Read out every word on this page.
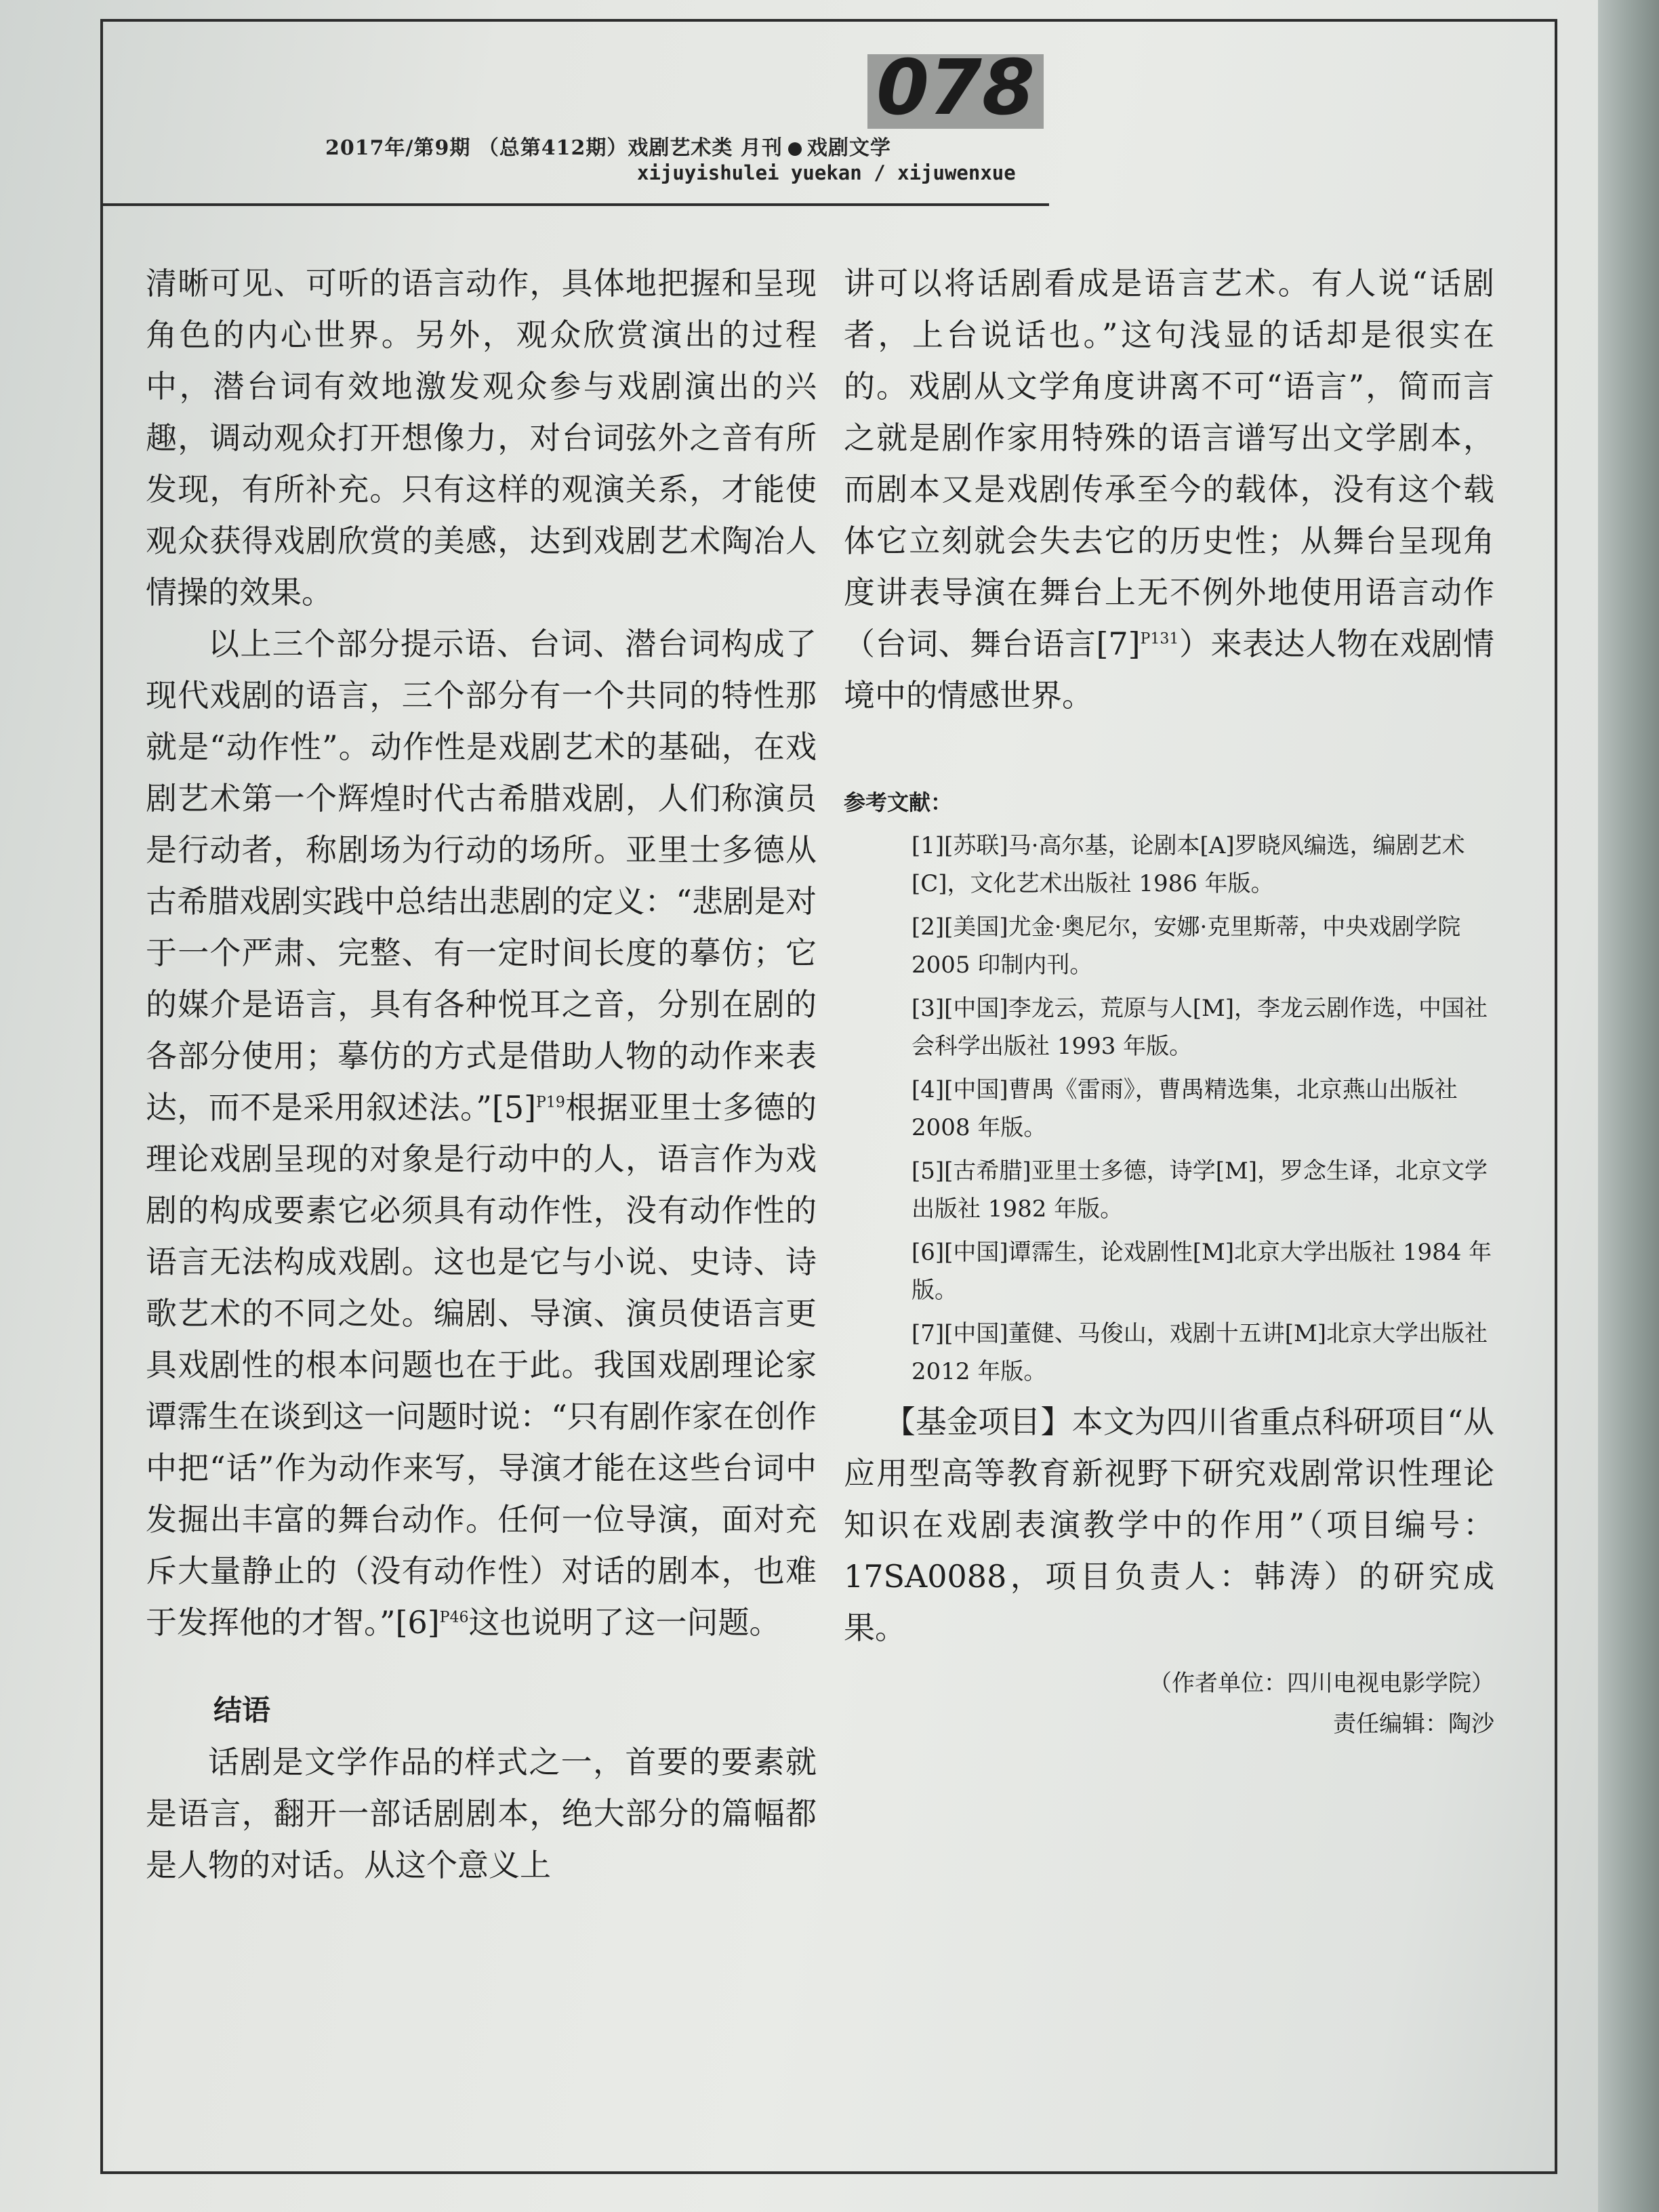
078
2017年/第9期 （总第412期）戏剧艺术类 月刊 戏剧文学
xijuyishulei yuekan / xijuwenxue

清晰可见、可听的语言动作，具体地把握和呈现角色的内心世界。另外，观众欣赏演出的过程中，潜台词有效地激发观众参与戏剧演出的兴趣，调动观众打开想像力，对台词弦外之音有所发现，有所补充。只有这样的观演关系，才能使观众获得戏剧欣赏的美感，达到戏剧艺术陶冶人情操的效果。

以上三个部分提示语、台词、潜台词构成了现代戏剧的语言，三个部分有一个共同的特性那就是“动作性”。动作性是戏剧艺术的基础，在戏剧艺术第一个辉煌时代古希腊戏剧，人们称演员是行动者，称剧场为行动的场所。亚里士多德从古希腊戏剧实践中总结出悲剧的定义：“悲剧是对于一个严肃、完整、有一定时间长度的摹仿；它的媒介是语言，具有各种悦耳之音，分别在剧的各部分使用；摹仿的方式是借助人物的动作来表达，而不是采用叙述法。$”[5]^{P19}$根据亚里士多德的理论戏剧呈现的对象是行动中的人，语言作为戏剧的构成要素它必须具有动作性，没有动作性的语言无法构成戏剧。这也是它与小说、史诗、诗歌艺术的不同之处。编剧、导演、演员使语言更具戏剧性的根本问题也在于此。我国戏剧理论家谭霈生在谈到这一问题时说：“只有剧作家在创作中把“话”作为动作来写，导演才能在这些台词中发掘出丰富的舞台动作。任何一位导演，面对充斥大量静止的（没有动作性）对话的剧本，也难于发挥他的才智。$”[6]^{P46}$这也说明了这一问题。

结语

话剧是文学作品的样式之一，首要的要素就是语言，翻开一部话剧剧本，绝大部分的篇幅都是人物的对话。从这个意义上

讲可以将话剧看成是语言艺术。有人说“话剧者，上台说话也。”这句浅显的话却是很实在的。戏剧从文学角度讲离不可“语言”，简而言之就是剧作家用特殊的语言谱写出文学剧本，而剧本又是戏剧传承至今的载体，没有这个载体它立刻就会失去它的历史性；从舞台呈现角度讲表导演在舞台上无不例外地使用语言动作（台词、舞台语言$[7]^{P131}$）来表达人物在戏剧情境中的情感世界。

参考文献：
[1][苏联]马·高尔基，论剧本[A]罗晓风编选，编剧艺术[C]，文化艺术出版社 1986 年版。
[2][美国]尤金·奥尼尔，安娜·克里斯蒂，中央戏剧学院 2005 印制内刊。
[3][中国]李龙云，荒原与人[M]，李龙云剧作选，中国社会科学出版社 1993 年版。
[4][中国]曹禺《雷雨》，曹禺精选集，北京燕山出版社 2008 年版。
[5][古希腊]亚里士多德，诗学[M]，罗念生译，北京文学出版社 1982 年版。
[6][中国]谭霈生，论戏剧性[M]北京大学出版社 1984 年版。
[7][中国]董健、马俊山，戏剧十五讲[M]北京大学出版社 2012 年版。

【基金项目】本文为四川省重点科研项目“从应用型高等教育新视野下研究戏剧常识性理论知识在戏剧表演教学中的作用”（项目编号：17SA0088，项目负责人：韩涛）的研究成果。

（作者单位：四川电视电影学院）
责任编辑：陶沙
